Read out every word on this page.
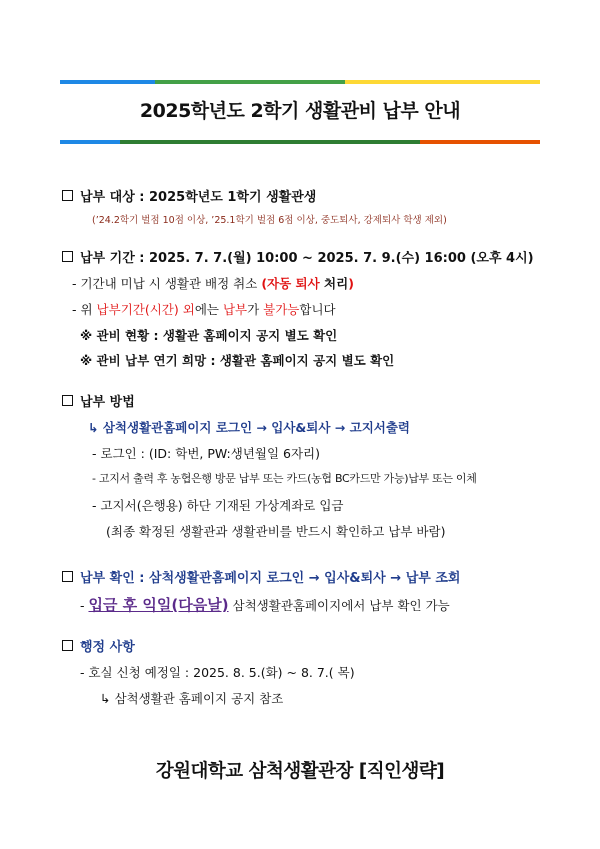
2025학년도 2학기 생활관비 납부 안내
납부 대상 : 2025학년도 1학기 생활관생
(’24.2학기 벌점 10점 이상, ’25.1학기 벌점 6점 이상, 중도퇴사, 강제퇴사 학생 제외)
납부 기간 : 2025. 7. 7.(월) 10:00 ~ 2025. 7. 9.(수) 16:00 (오후 4시)
- 기간내 미납 시 생활관 배정 취소 (자동 퇴사 처리)
- 위 납부기간(시간) 외에는 납부가 불가능합니다
※ 관비 현황 : 생활관 홈페이지 공지 별도 확인
※ 관비 납부 연기 희망 : 생활관 홈페이지 공지 별도 확인
납부 방법
↳ 삼척생활관홈페이지 로그인 → 입사&퇴사 → 고지서출력
- 로그인 : (ID: 학번, PW:생년월일 6자리)
- 고지서 출력 후 농협은행 방문 납부 또는 카드(농협 BC카드만 가능)납부 또는 이체
- 고지서(은행용) 하단 기재된 가상계좌로 입금
(최종 확정된 생활관과 생활관비를 반드시 확인하고 납부 바람)
납부 확인 : 삼척생활관홈페이지 로그인 → 입사&퇴사 → 납부 조회
- 입금 후 익일(다음날) 삼척생활관홈페이지에서 납부 확인 가능
행정 사항
- 호실 신청 예정일 : 2025. 8. 5.(화) ~ 8. 7.( 목)
↳ 삼척생활관 홈페이지 공지 참조
강원대학교 삼척생활관장 [직인생략]
